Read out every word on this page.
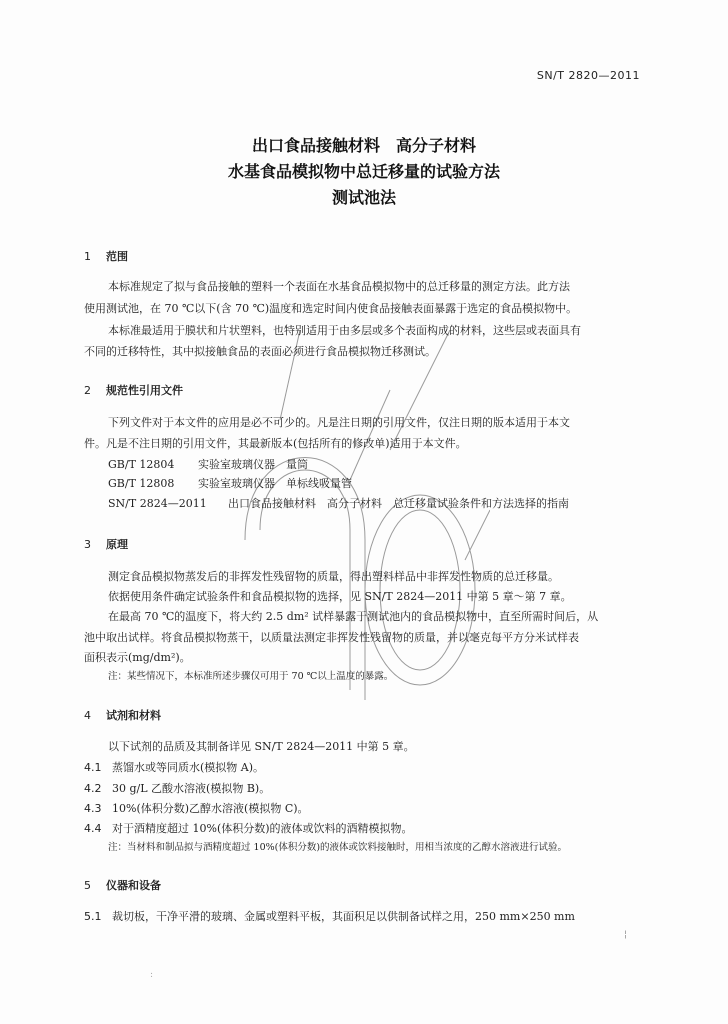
SN/T 2820—2011
出口食品接触材料　高分子材料
水基食品模拟物中总迁移量的试验方法
测试池法
1 范围
本标准规定了拟与食品接触的塑料一个表面在水基食品模拟物中的总迁移量的测定方法。此方法
使用测试池，在 70 ℃以下(含 70 ℃)温度和选定时间内使食品接触表面暴露于选定的食品模拟物中。
本标准最适用于膜状和片状塑料，也特别适用于由多层或多个表面构成的材料，这些层或表面具有
不同的迁移特性，其中拟接触食品的表面必须进行食品模拟物迁移测试。
2 规范性引用文件
下列文件对于本文件的应用是必不可少的。凡是注日期的引用文件，仅注日期的版本适用于本文
件。凡是不注日期的引用文件，其最新版本(包括所有的修改单)适用于本文件。
GB/T 12804 实验室玻璃仪器　量筒
GB/T 12808 实验室玻璃仪器　单标线吸量管
SN/T 2824—2011 出口食品接触材料　高分子材料　总迁移量试验条件和方法选择的指南
3 原理
测定食品模拟物蒸发后的非挥发性残留物的质量，得出塑料样品中非挥发性物质的总迁移量。
依据使用条件确定试验条件和食品模拟物的选择，见 SN/T 2824—2011 中第 5 章～第 7 章。
在最高 70 ℃的温度下，将大约 2.5 dm² 试样暴露于测试池内的食品模拟物中，直至所需时间后，从
池中取出试样。将食品模拟物蒸干，以质量法测定非挥发性残留物的质量，并以毫克每平方分米试样表
面积表示(mg/dm²)。
注：某些情况下，本标准所述步骤仅可用于 70 ℃以上温度的暴露。
4 试剂和材料
以下试剂的品质及其制备详见 SN/T 2824—2011 中第 5 章。
4.1 蒸馏水或等同质水(模拟物 A)。
4.2 30 g/L 乙酸水溶液(模拟物 B)。
4.3 10%(体积分数)乙醇水溶液(模拟物 C)。
4.4 对于酒精度超过 10%(体积分数)的液体或饮料的酒精模拟物。
注：当材料和制品拟与酒精度超过 10%(体积分数)的液体或饮料接触时，用相当浓度的乙醇水溶液进行试验。
5 仪器和设备
5.1 裁切板，干净平滑的玻璃、金属或塑料平板，其面积足以供制备试样之用，250 mm×250 mm
¦
:
